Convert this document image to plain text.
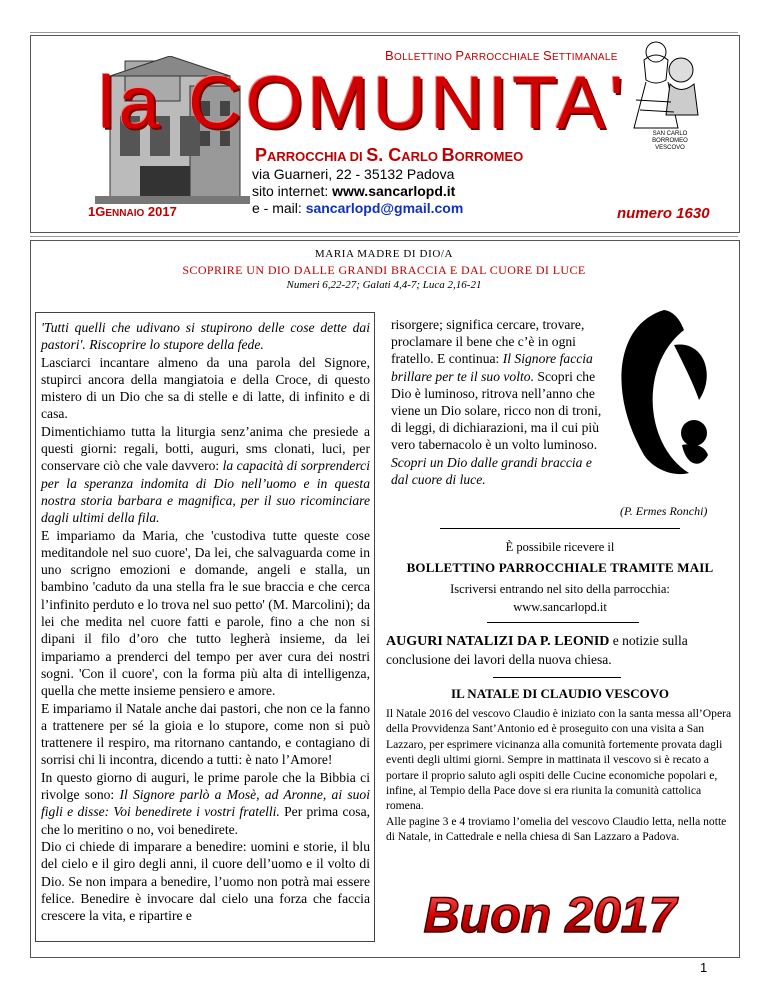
SAN CARLO BORROMEO
VESCOVO
BOLLETTINO PARROCCHIALE SETTIMANALE
la COMUNITA'
PARROCCHIA DI S. CARLO BORROMEO
via Guarneri, 22 - 35132 Padova
sito internet: www.sancarlopd.it
e - mail: sancarlopd@gmail.com
1GENNAIO 2017	numero 1630
MARIA MADRE DI DIO/A
SCOPRIRE UN DIO DALLE GRANDI BRACCIA E DAL CUORE DI LUCE
Numeri 6,22-27; Galati 4,4-7; Luca 2,16-21

'Tutti quelli che udivano si stupirono delle cose dette dai pastori'. Riscoprire lo stupore della fede.

Lasciarci incantare almeno da una parola del Signore, stupirci ancora della mangiatoia e della Croce, di questo mistero di un Dio che sa di stelle e di latte, di infinito e di casa.

Dimentichiamo tutta la liturgia senz’anima che presiede a questi giorni: regali, botti, auguri, sms clonati, luci, per conservare ciò che vale davvero: la capacità di sorprenderci per la speranza indomita di Dio nell’uomo e in questa nostra storia barbara e magnifica, per il suo ricominciare dagli ultimi della fila.

E impariamo da Maria, che 'custodiva tutte queste cose meditandole nel suo cuore', Da lei, che salvaguarda come in uno scrigno emozioni e domande, angeli e stalla, un bambino 'caduto da una stella fra le sue braccia e che cerca l’infinito perduto e lo trova nel suo petto' (M. Marcolini); da lei che medita nel cuore fatti e parole, fino a che non si dipani il filo d’oro che tutto legherà insieme, da lei impariamo a prenderci del tempo per aver cura dei nostri sogni. 'Con il cuore', con la forma più alta di intelligenza, quella che mette insieme pensiero e amore.

E impariamo il Natale anche dai pastori, che non ce la fanno a trattenere per sé la gioia e lo stupore, come non si può trattenere il respiro, ma ritornano cantando, e contagiano di sorrisi chi li incontra, dicendo a tutti: è nato l’Amore!

In questo giorno di auguri, le prime parole che la Bibbia ci rivolge sono: Il Signore parlò a Mosè, ad Aronne, ai suoi figli e disse: Voi benedirete i vostri fratelli. Per prima cosa, che lo meritino o no, voi benedirete.

Dio ci chiede di imparare a benedire: uomini e storie, il blu del cielo e il giro degli anni, il cuore dell’uomo e il volto di Dio. Se non impara a benedire, l’uomo non potrà mai essere felice. Benedire è invocare dal cielo una forza che faccia crescere la vita, e ripartire e

risorgere; significa cercare, trovare, proclamare il bene che c’è in ogni fratello. E continua: Il Signore faccia brillare per te il suo volto. Scopri che Dio è luminoso, ritrova nell’anno che viene un Dio solare, ricco non di troni, di leggi, di dichiarazioni, ma il cui più vero tabernacolo è un volto luminoso. Scopri un Dio dalle grandi braccia e dal cuore di luce.
(P. Ermes Ronchi)
È possibile ricevere il
BOLLETTINO PARROCCHIALE TRAMITE MAIL
Iscriversi entrando nel sito della parrocchia:
www.sancarlopd.it
AUGURI NATALIZI DA P. LEONID e notizie sulla conclusione dei lavori della nuova chiesa.
IL NATALE DI CLAUDIO VESCOVO

Il Natale 2016 del vescovo Claudio è iniziato con la santa messa all’Opera della Provvidenza Sant’Antonio ed è proseguito con una visita a San Lazzaro, per esprimere vicinanza alla comunità fortemente provata dagli eventi degli ultimi giorni. Sempre in mattinata il vescovo si è recato a portare il proprio saluto agli ospiti delle Cucine economiche popolari e, infine, al Tempio della Pace dove si era riunita la comunità cattolica romena.

Alle pagine 3 e 4 troviamo l’omelia del vescovo Claudio letta, nella notte di Natale, in Cattedrale e nella chiesa di San Lazzaro a Padova.

Buon 2017
1
